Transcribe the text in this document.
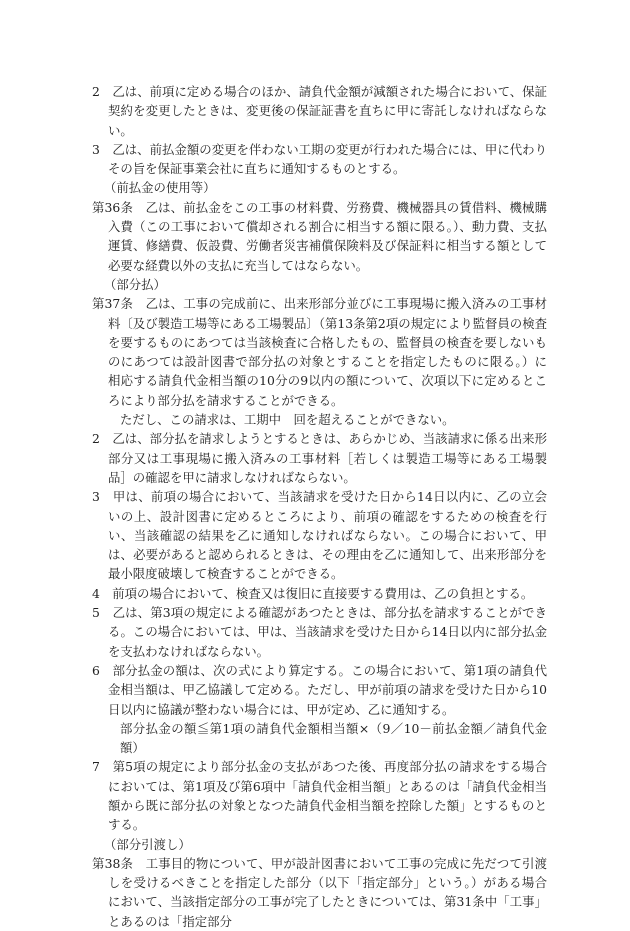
2　乙は、前項に定める場合のほか、請負代金額が減額された場合において、保証契約を変更したときは、変更後の保証証書を直ちに甲に寄託しなければならない。

3　乙は、前払金額の変更を伴わない工期の変更が行われた場合には、甲に代わりその旨を保証事業会社に直ちに通知するものとする。

（前払金の使用等）

第36条　乙は、前払金をこの工事の材料費、労務費、機械器具の賃借料、機械購入費（この工事において償却される割合に相当する額に限る。）、動力費、支払運賃、修繕費、仮設費、労働者災害補償保険料及び保証料に相当する額として必要な経費以外の支払に充当してはならない。

（部分払）

第37条　乙は、工事の完成前に、出来形部分並びに工事現場に搬入済みの工事材料〔及び製造工場等にある工場製品〕（第13条第2項の規定により監督員の検査を要するものにあつては当該検査に合格したもの、監督員の検査を要しないものにあつては設計図書で部分払の対象とすることを指定したものに限る。）に相応する請負代金相当額の10分の9以内の額について、次項以下に定めるところにより部分払を請求することができる。

ただし、この請求は、工期中　回を超えることができない。

2　乙は、部分払を請求しようとするときは、あらかじめ、当該請求に係る出来形部分又は工事現場に搬入済みの工事材料［若しくは製造工場等にある工場製品］の確認を甲に請求しなければならない。

3　甲は、前項の場合において、当該請求を受けた日から14日以内に、乙の立会いの上、設計図書に定めるところにより、前項の確認をするための検査を行い、当該確認の結果を乙に通知しなければならない。この場合において、甲は、必要があると認められるときは、その理由を乙に通知して、出来形部分を最小限度破壊して検査することができる。

4　前項の場合において、検査又は復旧に直接要する費用は、乙の負担とする。

5　乙は、第3項の規定による確認があつたときは、部分払を請求することができる。この場合においては、甲は、当該請求を受けた日から14日以内に部分払金を支払わなければならない。

6　部分払金の額は、次の式により算定する。この場合において、第1項の請負代金相当額は、甲乙協議して定める。ただし、甲が前項の請求を受けた日から10日以内に協議が整わない場合には、甲が定め、乙に通知する。

部分払金の額≦第1項の請負代金額相当額×（9／10－前払金額／請負代金額）

7　第5項の規定により部分払金の支払があつた後、再度部分払の請求をする場合においては、第1項及び第6項中「請負代金相当額」とあるのは「請負代金相当額から既に部分払の対象となつた請負代金相当額を控除した額」とするものとする。

（部分引渡し）

第38条　工事目的物について、甲が設計図書において工事の完成に先だつて引渡しを受けるべきことを指定した部分（以下「指定部分」という。）がある場合において、当該指定部分の工事が完了したときについては、第31条中「工事」とあるのは「指定部分
